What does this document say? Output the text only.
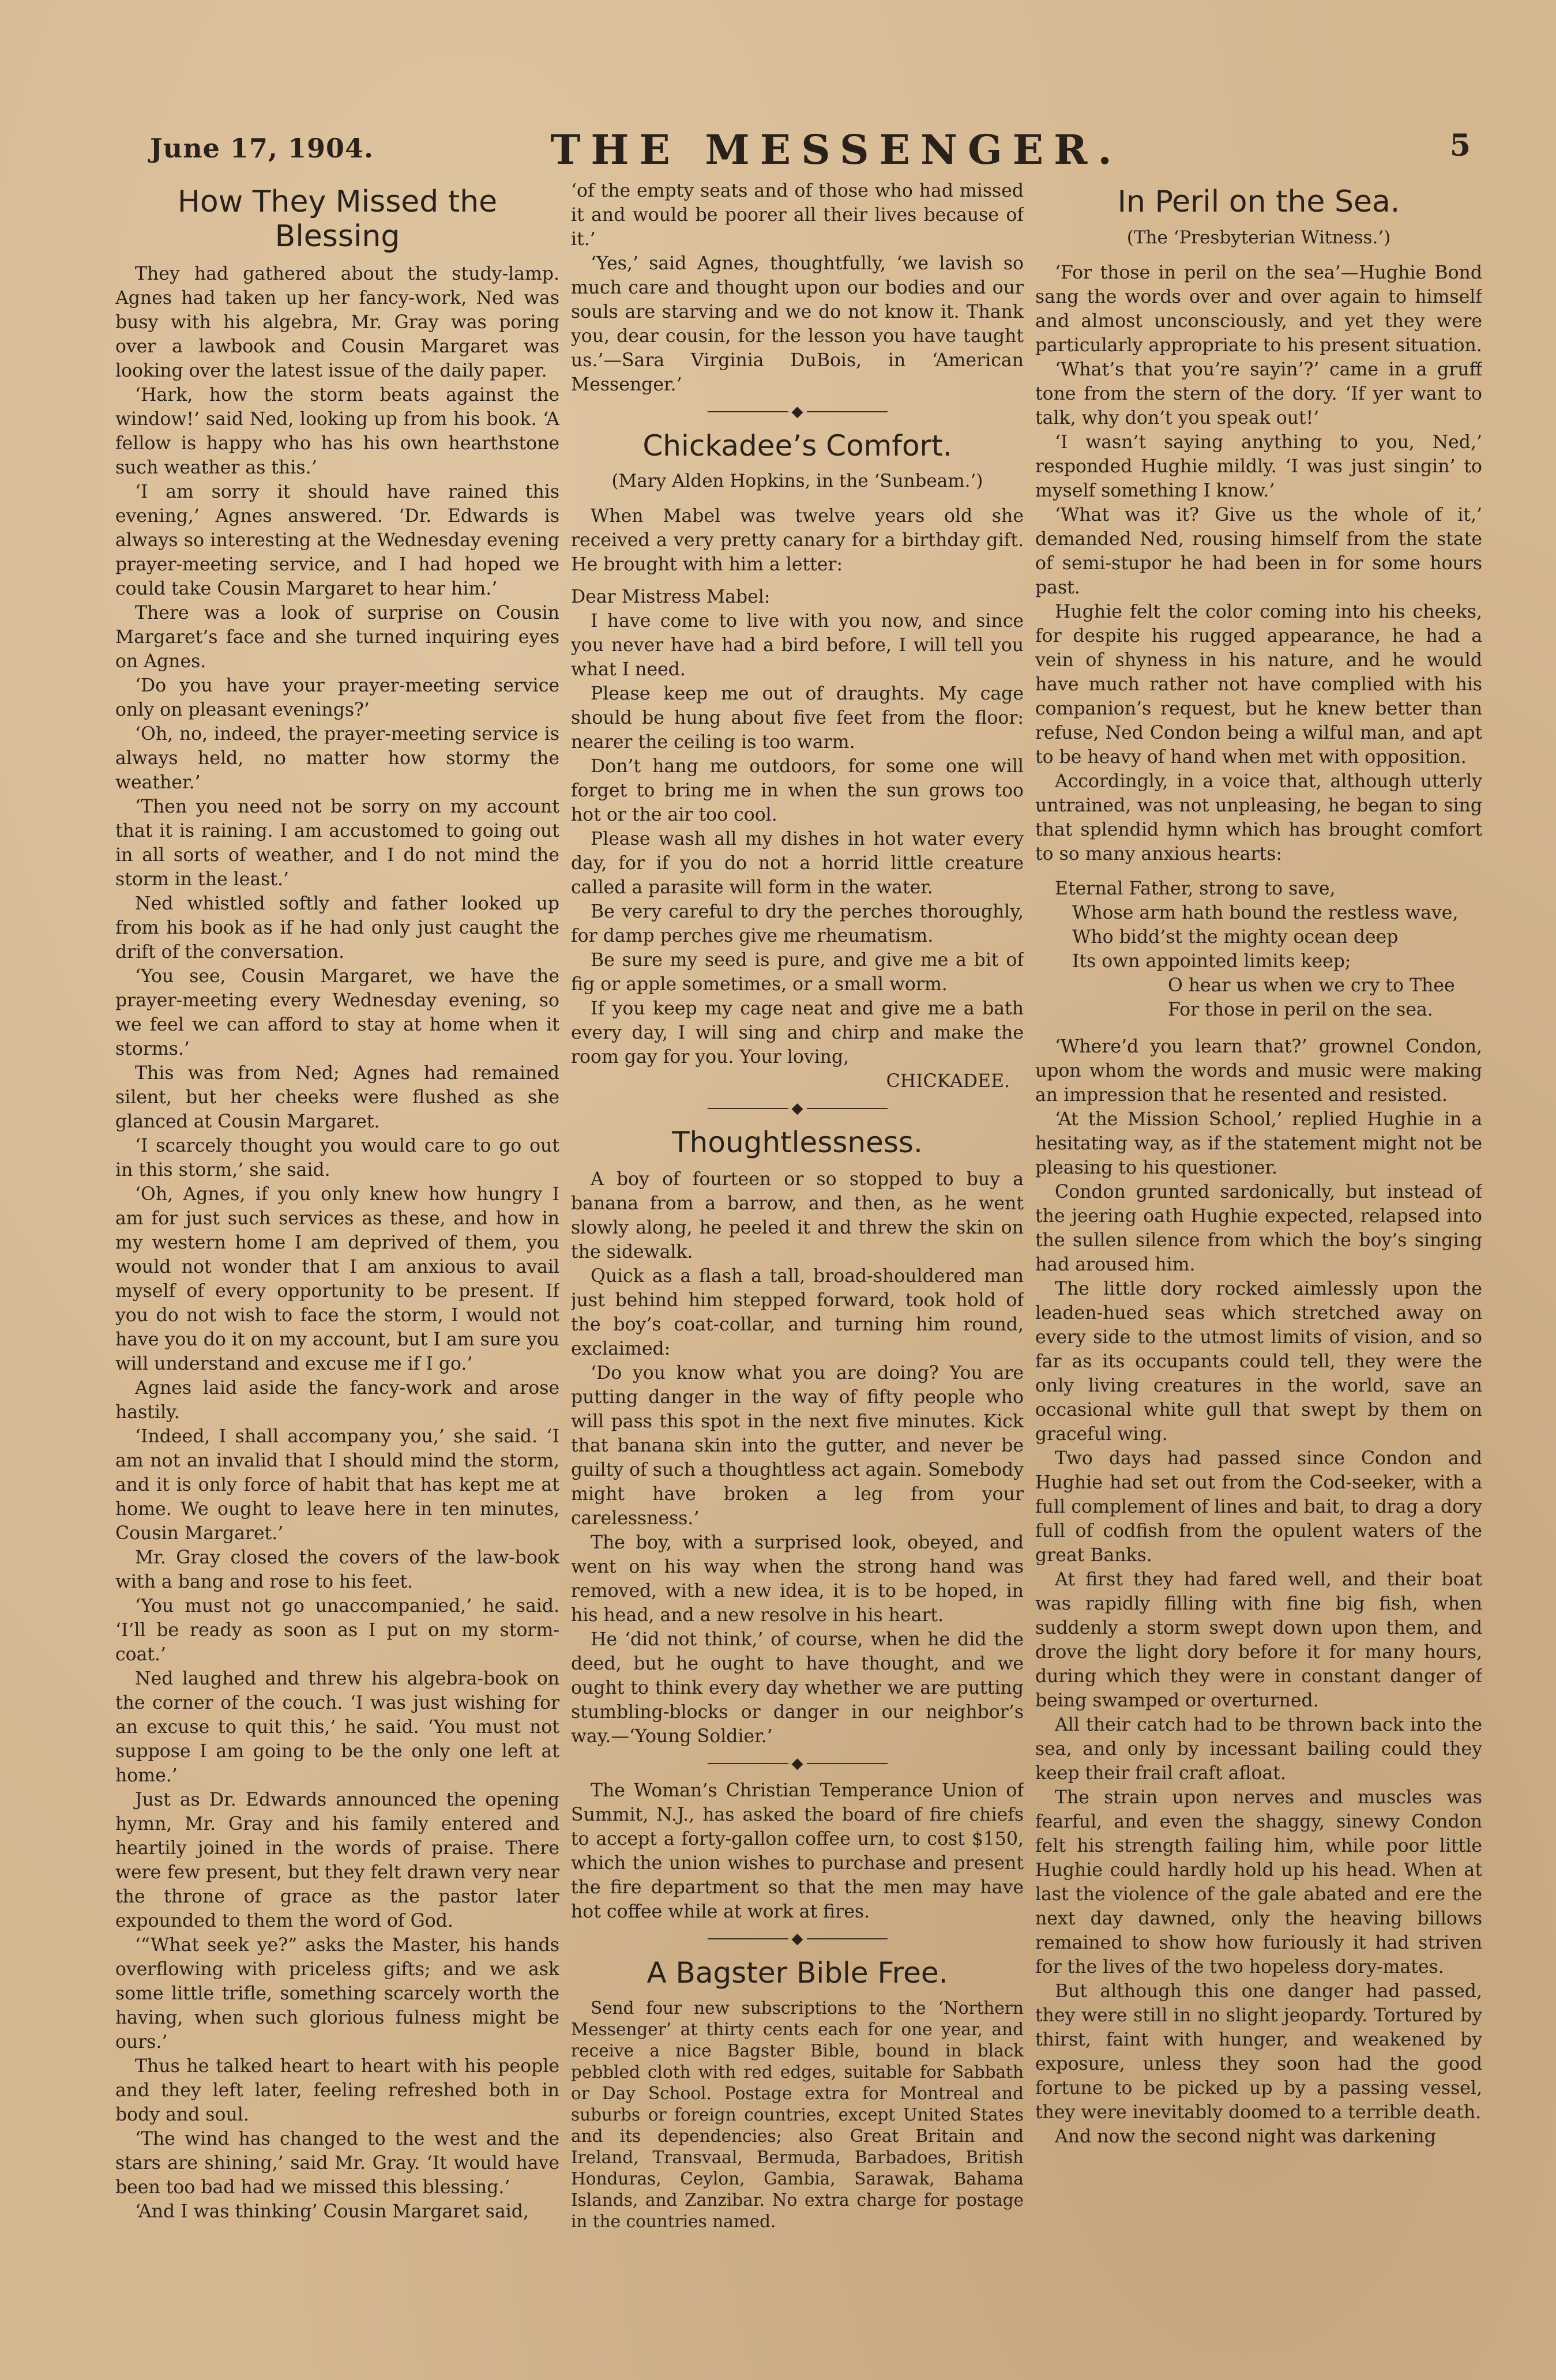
June 17, 1904.	THE MESSENGER.	5
How They Missed the Blessing

They had gathered about the study-lamp. Agnes had taken up her fancy-work, Ned was busy with his algebra, Mr. Gray was poring over a lawbook and Cousin Margaret was looking over the latest issue of the daily paper.

‘Hark, how the storm beats against the window!’ said Ned, looking up from his book. ‘A fellow is happy who has his own hearthstone such weather as this.’

‘I am sorry it should have rained this evening,’ Agnes answered. ‘Dr. Edwards is always so interesting at the Wednesday evening prayer-meeting service, and I had hoped we could take Cousin Margaret to hear him.’

There was a look of surprise on Cousin Margaret’s face and she turned inquiring eyes on Agnes.

‘Do you have your prayer-meeting service only on pleasant evenings?’

‘Oh, no, indeed, the prayer-meeting service is always held, no matter how stormy the weather.’

‘Then you need not be sorry on my account that it is raining. I am accustomed to going out in all sorts of weather, and I do not mind the storm in the least.’

Ned whistled softly and father looked up from his book as if he had only just caught the drift of the conversation.

‘You see, Cousin Margaret, we have the prayer-meeting every Wednesday evening, so we feel we can afford to stay at home when it storms.’

This was from Ned; Agnes had remained silent, but her cheeks were flushed as she glanced at Cousin Margaret.

‘I scarcely thought you would care to go out in this storm,’ she said.

‘Oh, Agnes, if you only knew how hungry I am for just such services as these, and how in my western home I am deprived of them, you would not wonder that I am anxious to avail myself of every opportunity to be present. If you do not wish to face the storm, I would not have you do it on my account, but I am sure you will understand and excuse me if I go.’

Agnes laid aside the fancy-work and arose hastily.

‘Indeed, I shall accompany you,’ she said. ‘I am not an invalid that I should mind the storm, and it is only force of habit that has kept me at home. We ought to leave here in ten minutes, Cousin Margaret.’

Mr. Gray closed the covers of the law-book with a bang and rose to his feet.

‘You must not go unaccompanied,’ he said. ‘I’ll be ready as soon as I put on my storm-coat.’

Ned laughed and threw his algebra-book on the corner of the couch. ‘I was just wishing for an excuse to quit this,’ he said. ‘You must not suppose I am going to be the only one left at home.’

Just as Dr. Edwards announced the opening hymn, Mr. Gray and his family entered and heartily joined in the words of praise. There were few present, but they felt drawn very near the throne of grace as the pastor later expounded to them the word of God.

‘“What seek ye?” asks the Master, his hands overflowing with priceless gifts; and we ask some little trifle, something scarcely worth the having, when such glorious fulness might be ours.’

Thus he talked heart to heart with his people and they left later, feeling refreshed both in body and soul.

‘The wind has changed to the west and the stars are shining,’ said Mr. Gray. ‘It would have been too bad had we missed this blessing.’

‘And I was thinking’ Cousin Margaret said,

‘of the empty seats and of those who had missed it and would be poorer all their lives because of it.’

‘Yes,’ said Agnes, thoughtfully, ‘we lavish so much care and thought upon our bodies and our souls are starving and we do not know it. Thank you, dear cousin, for the lesson you have taught us.’—Sara Virginia DuBois, in ‘American Messenger.’

◆
Chickadee’s Comfort.
(Mary Alden Hopkins, in the ‘Sunbeam.’)

When Mabel was twelve years old she received a very pretty canary for a birthday gift. He brought with him a letter:

Dear Mistress Mabel:

I have come to live with you now, and since you never have had a bird before, I will tell you what I need.

Please keep me out of draughts. My cage should be hung about five feet from the floor: nearer the ceiling is too warm.

Don’t hang me outdoors, for some one will forget to bring me in when the sun grows too hot or the air too cool.

Please wash all my dishes in hot water every day, for if you do not a horrid little creature called a parasite will form in the water.

Be very careful to dry the perches thoroughly, for damp perches give me rheumatism.

Be sure my seed is pure, and give me a bit of fig or apple sometimes, or a small worm.

If you keep my cage neat and give me a bath every day, I will sing and chirp and make the room gay for you. Your loving,

CHICKADEE.

◆
Thoughtlessness.

A boy of fourteen or so stopped to buy a banana from a barrow, and then, as he went slowly along, he peeled it and threw the skin on the sidewalk.

Quick as a flash a tall, broad-shouldered man just behind him stepped forward, took hold of the boy’s coat-collar, and turning him round, exclaimed:

‘Do you know what you are doing? You are putting danger in the way of fifty people who will pass this spot in the next five minutes. Kick that banana skin into the gutter, and never be guilty of such a thoughtless act again. Somebody might have broken a leg from your carelessness.’

The boy, with a surprised look, obeyed, and went on his way when the strong hand was removed, with a new idea, it is to be hoped, in his head, and a new resolve in his heart.

He ‘did not think,’ of course, when he did the deed, but he ought to have thought, and we ought to think every day whether we are putting stumbling-blocks or danger in our neighbor’s way.—‘Young Soldier.’

◆

The Woman’s Christian Temperance Union of Summit, N.J., has asked the board of fire chiefs to accept a forty-gallon coffee urn, to cost $150, which the union wishes to purchase and present the fire department so that the men may have hot coffee while at work at fires.

◆
A Bagster Bible Free.

Send four new subscriptions to the ‘Northern Messenger’ at thirty cents each for one year, and receive a nice Bagster Bible, bound in black pebbled cloth with red edges, suitable for Sabbath or Day School. Postage extra for Montreal and suburbs or foreign countries, except United States and its dependencies; also Great Britain and Ireland, Transvaal, Bermuda, Barbadoes, British Honduras, Ceylon, Gambia, Sarawak, Bahama Islands, and Zanzibar. No extra charge for postage in the countries named.

In Peril on the Sea.
(The ‘Presbyterian Witness.’)

‘For those in peril on the sea’—Hughie Bond sang the words over and over again to himself and almost unconsciously, and yet they were particularly appropriate to his present situation.

‘What’s that you’re sayin’?’ came in a gruff tone from the stern of the dory. ‘If yer want to talk, why don’t you speak out!’

‘I wasn’t saying anything to you, Ned,’ responded Hughie mildly. ‘I was just singin’ to myself something I know.’

‘What was it? Give us the whole of it,’ demanded Ned, rousing himself from the state of semi-stupor he had been in for some hours past.

Hughie felt the color coming into his cheeks, for despite his rugged appearance, he had a vein of shyness in his nature, and he would have much rather not have complied with his companion’s request, but he knew better than refuse, Ned Condon being a wilful man, and apt to be heavy of hand when met with opposition.

Accordingly, in a voice that, although utterly untrained, was not unpleasing, he began to sing that splendid hymn which has brought comfort to so many anxious hearts:

Eternal Father, strong to save,
Whose arm hath bound the restless wave,
Who bidd’st the mighty ocean deep
Its own appointed limits keep;
O hear us when we cry to Thee
For those in peril on the sea.

‘Where’d you learn that?’ grownel Condon, upon whom the words and music were making an impression that he resented and resisted.

‘At the Mission School,’ replied Hughie in a hesitating way, as if the statement might not be pleasing to his questioner.

Condon grunted sardonically, but instead of the jeering oath Hughie expected, relapsed into the sullen silence from which the boy’s singing had aroused him.

The little dory rocked aimlessly upon the leaden-hued seas which stretched away on every side to the utmost limits of vision, and so far as its occupants could tell, they were the only living creatures in the world, save an occasional white gull that swept by them on graceful wing.

Two days had passed since Condon and Hughie had set out from the Cod-seeker, with a full complement of lines and bait, to drag a dory full of codfish from the opulent waters of the great Banks.

At first they had fared well, and their boat was rapidly filling with fine big fish, when suddenly a storm swept down upon them, and drove the light dory before it for many hours, during which they were in constant danger of being swamped or overturned.

All their catch had to be thrown back into the sea, and only by incessant bailing could they keep their frail craft afloat.

The strain upon nerves and muscles was fearful, and even the shaggy, sinewy Condon felt his strength failing him, while poor little Hughie could hardly hold up his head. When at last the violence of the gale abated and ere the next day dawned, only the heaving billows remained to show how furiously it had striven for the lives of the two hopeless dory-mates.

But although this one danger had passed, they were still in no slight jeopardy. Tortured by thirst, faint with hunger, and weakened by exposure, unless they soon had the good fortune to be picked up by a passing vessel, they were inevitably doomed to a terrible death.

And now the second night was darkening
